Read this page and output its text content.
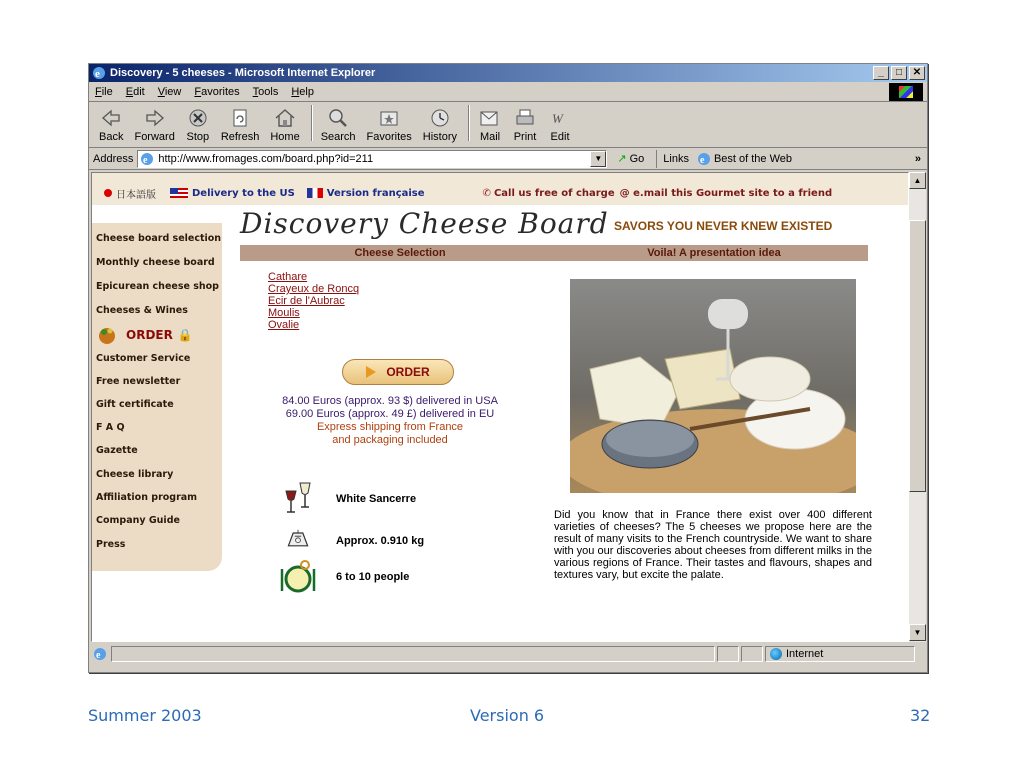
e Discovery - 5 cheeses - Microsoft Internet Explorer	_	□	✕
File Edit View Favorites Tools Help
Back Forward Stop Refresh Home Search Favorites History Mail Print
W
Edit
Address e http://www.fromages.com/board.php?id=211	▼	↗ Go Links e Best of the Web	»
日本語版	Delivery to the US	Version française	✆ Call us free of charge @ e.mail this Gourmet site to a friend
Cheese board selection
Monthly cheese board
Epicurean cheese shop
Cheeses & Wines
ORDER 🔒
Customer Service
Free newsletter
Gift certificate
F A Q
Gazette
Cheese library
Affiliation program
Company Guide
Press
Discovery Cheese Board SAVORS YOU NEVER KNEW EXISTED
Cheese Selection	Voila! A presentation idea
Cathare
Crayeux de Roncq
Ecir de l'Aubrac
Moulis
Ovalie
ORDER
84.00 Euros (approx. 93 $) delivered in USA
69.00 Euros (approx. 49 £) delivered in EU
Express shipping from France
and packaging included
White Sancerre
Approx. 0.910 kg
6 to 10 people
Did you know that in France there exist over 400 different varieties of cheeses? The 5 cheeses we propose here are the result of many visits to the French countryside. We want to share with you our discoveries about cheeses from different milks in the various regions of France. Their tastes and flavours, shapes and textures vary, but excite the palate.
▲
▼
e	Internet
Summer 2003	Version 6	32
